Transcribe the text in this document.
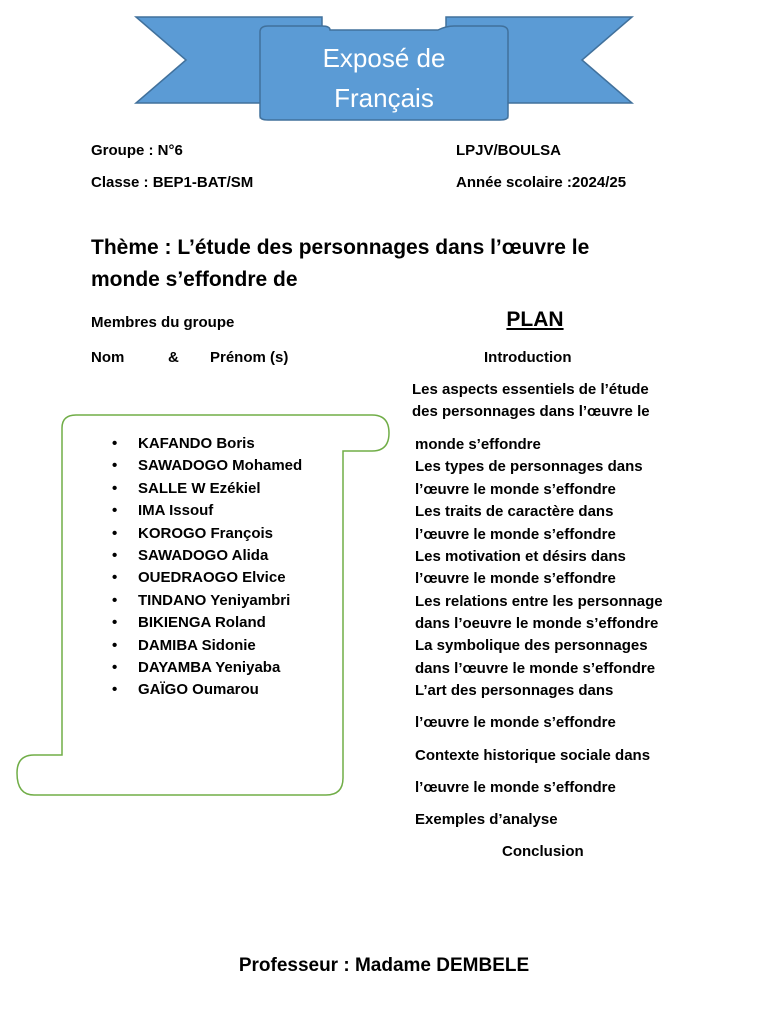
Exposé de
Français
Groupe : N°6	LPJV/BOULSA
Classe : BEP1-BAT/SM	Année scolaire :2024/25
Thème : L’étude des personnages dans l’œuvre le
monde s’effondre de
Membres du groupe
Nom	& Prénom (s)
• KAFANDO Boris
• SAWADOGO Mohamed
• SALLE W Ezékiel
• IMA Issouf
• KOROGO François
• SAWADOGO Alida
• OUEDRAOGO Elvice
• TINDANO Yeniyambri
• BIKIENGA Roland
• DAMIBA Sidonie
• DAYAMBA Yeniyaba
• GAÏGO Oumarou
PLAN
Introduction
Les aspects essentiels de l’étude
des personnages dans l’œuvre le
monde s’effondre
Les types de personnages dans
l’œuvre le monde s’effondre
Les traits de caractère dans
l’œuvre le monde s’effondre
Les motivation et désirs dans
l’œuvre le monde s’effondre
Les relations entre les personnage
dans l’oeuvre le monde s’effondre
La symbolique des personnages
dans l’œuvre le monde s’effondre
L’art des personnages dans
l’œuvre le monde s’effondre
Contexte historique sociale dans
l’œuvre le monde s’effondre
Exemples d’analyse
Conclusion
Professeur : Madame DEMBELE
